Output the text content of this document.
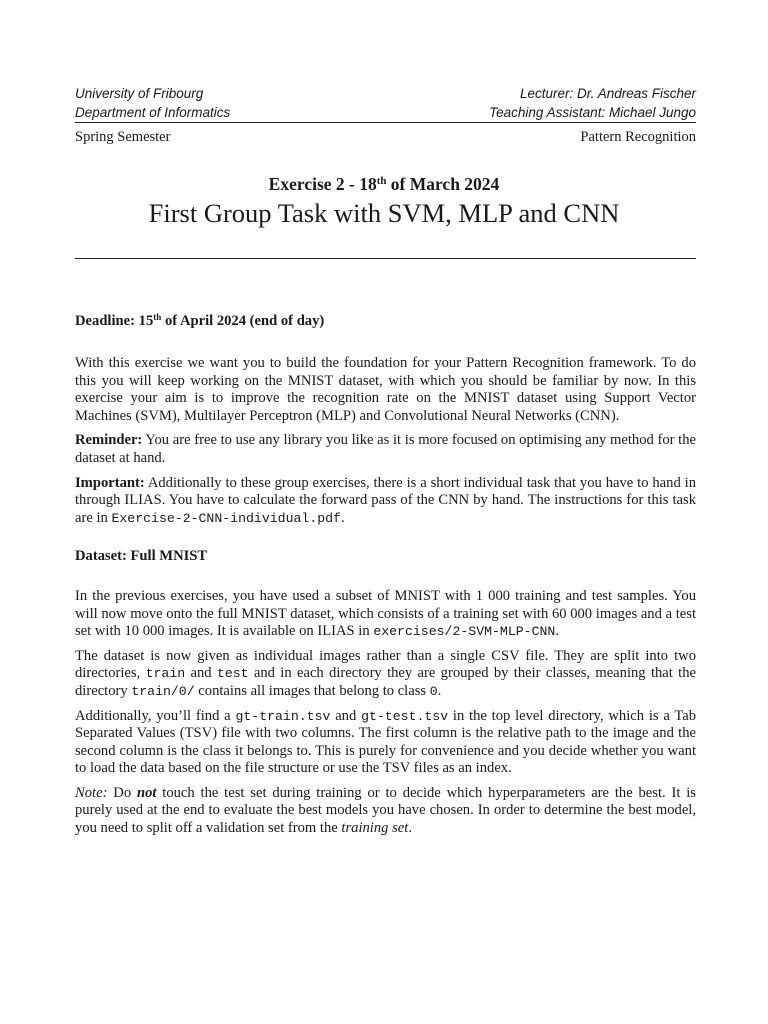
University of Fribourg	Lecturer: Dr. Andreas Fischer
Department of Informatics	Teaching Assistant: Michael Jungo
Spring Semester	Pattern Recognition
Exercise 2 - 18th of March 2024
First Group Task with SVM, MLP and CNN
Deadline: 15th of April 2024 (end of day)

With this exercise we want you to build the foundation for your Pattern Recognition framework. To do this you will keep working on the MNIST dataset, with which you should be familiar by now. In this exercise your aim is to improve the recognition rate on the MNIST dataset using Support Vector Machines (SVM), Multilayer Perceptron (MLP) and Convolutional Neural Networks (CNN).

Reminder: You are free to use any library you like as it is more focused on optimising any method for the dataset at hand.

Important: Additionally to these group exercises, there is a short individual task that you have to hand in through ILIAS. You have to calculate the forward pass of the CNN by hand. The instructions for this task are in Exercise-2-CNN-individual.pdf.

Dataset: Full MNIST

In the previous exercises, you have used a subset of MNIST with 1 000 training and test samples. You will now move onto the full MNIST dataset, which consists of a training set with 60 000 images and a test set with 10 000 images. It is available on ILIAS in exercises/2-SVM-MLP-CNN.

The dataset is now given as individual images rather than a single CSV file. They are split into two directories, train and test and in each directory they are grouped by their classes, meaning that the directory train/0/ contains all images that belong to class 0.

Additionally, you’ll find a gt-train.tsv and gt-test.tsv in the top level directory, which is a Tab Separated Values (TSV) file with two columns. The first column is the relative path to the image and the second column is the class it belongs to. This is purely for convenience and you decide whether you want to load the data based on the file structure or use the TSV files as an index.

Note: Do not touch the test set during training or to decide which hyperparameters are the best. It is purely used at the end to evaluate the best models you have chosen. In order to determine the best model, you need to split off a validation set from the training set.
